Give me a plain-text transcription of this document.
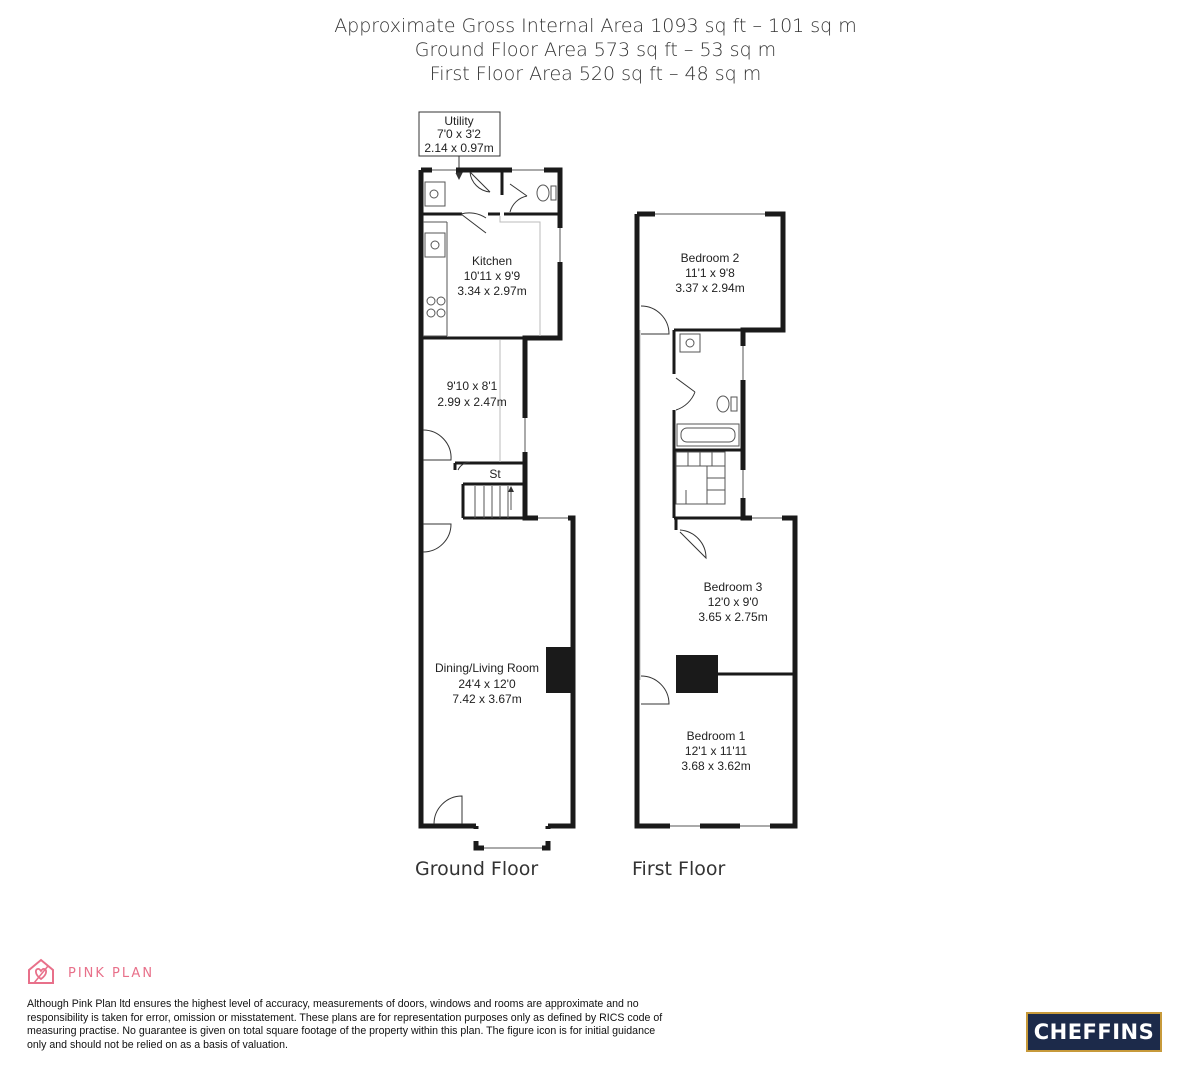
Approximate Gross Internal Area 1093 sq ft – 101 sq m
Ground Floor Area 573 sq ft – 53 sq m
First Floor Area 520 sq ft – 48 sq m
Utility
7'0 x 3'2
2.14 x 0.97m
Kitchen
10'11 x 9'9
3.34 x 2.97m
9'10 x 8'1
2.99 x 2.47m
St
Dining/Living Room
24'4 x 12'0
7.42 x 3.67m
Bedroom 2
11'1 x 9'8
3.37 x 2.94m
Bedroom 3
12'0 x 9'0
3.65 x 2.75m
Bedroom 1
12'1 x 11'11
3.68 x 3.62m
Ground Floor	First Floor
PINK PLAN
Although Pink Plan ltd ensures the highest level of accuracy, measurements of doors, windows and rooms are approximate and no responsibility is taken for error, omission or misstatement. These plans are for representation purposes only as defined by RICS code of measuring practise. No guarantee is given on total square footage of the property within this plan. The figure icon is for initial guidance only and should not be relied on as a basis of valuation.
CHEFFINS
